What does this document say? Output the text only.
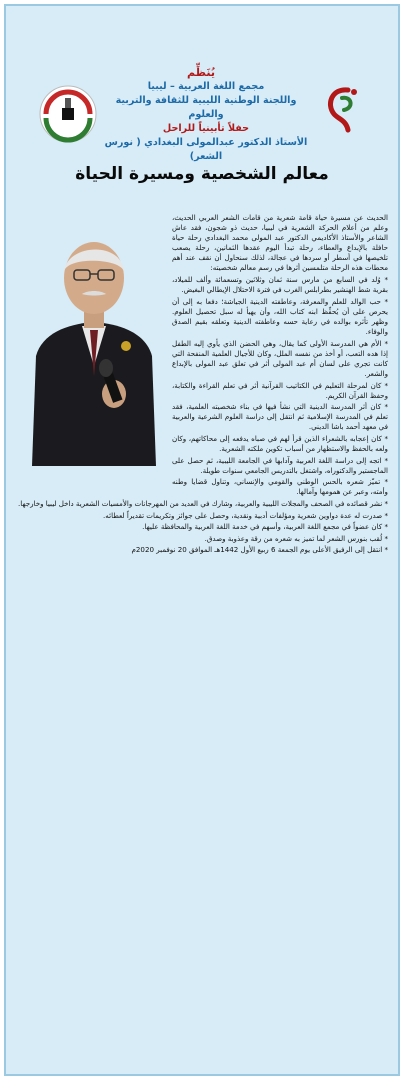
يُنَظِّم
مجمع اللغة العربية – ليبيا
واللجنة الوطنية الليبية للثقافة والتربية والعلوم
حفلاً تأبينياً للراحل
الأستاذ الدكتور عبدالمولى البغدادي ( نورس الشعر)
معالم الشخصية ومسيرة الحياة

الحديث عن مسيرة حياة قامة شعرية من قامات الشعر العربي الحديث، وعلم من أعلام الحركة الشعرية في ليبيا، حديث ذو شجون، فقد عاش الشاعر والأستاذ الأكاديمي الدكتور عبد المولى محمد البغدادي رحلة حياة حافلة بالإبداع والعطاء، رحلة تبدأ اليوم عقدها الثمانين، رحلة يصعب تلخيصها في أسطر أو سردها في عجالة، لذلك سنحاول أن نقف عند أهم محطات هذه الرحلة متلمسين أثرها في رسم معالم شخصيته:

* وُلد في السابع من مارس سنة ثمان وثلاثين وتسعمائة وألف للميلاد، بقرية شط الهنشير بطرابلس الغرب في فترة الاحتلال الإيطالي البغيض.

* حب الوالد للعلم والمعرفة، وعاطفته الدينية الجياشة؛ دفعا به إلى أن يحرص على أن يُحفِّظ ابنه كتاب الله، وأن يهيأ له سبل تحصيل العلوم. وظهر تأثره بوالده في رعاية حسه وعاطفته الدينية وتعلقه بقيم الصدق والوفاء.

* الأم هي المدرسة الأولى كما يقال، وهي الحضن الذي يأوي إليه الطفل إذا هده التعب، أو أخذ من نفسه الملل، وكان للأجيال العلمية المنفحة التي كانت تجري على لسان أم عبد المولى أثر في تعلق عبد المولى بالإبداع والشعر.

* كان لمرحلة التعليم في الكتاتيب القرآنية أثر في تعلم القراءة والكتابة، وحفظ القرآن الكريم.

* كان أثر المدرسة الدينية التي نشأ فيها في بناء شخصيته العلمية، فقد تعلم في المدرسة الإسلامية ثم انتقل إلى دراسة العلوم الشرعية والعربية في معهد أحمد باشا الديني.

* كان إعجابه بالشعراء الذين قرأ لهم في صباه يدفعه إلى محاكاتهم، وكان ولعه بالحفظ والاستظهار من أسباب تكوين ملكته الشعرية.

* اتجه إلى دراسة اللغة العربية وآدابها في الجامعة الليبية، ثم حصل على الماجستير والدكتوراه، واشتغل بالتدريس الجامعي سنوات طويلة.

* تميّز شعره بالحس الوطني والقومي والإنساني، وتناول قضايا وطنه وأمته، وعبر عن همومها وآمالها.

* نشر قصائده في الصحف والمجلات الليبية والعربية، وشارك في العديد من المهرجانات والأمسيات الشعرية داخل ليبيا وخارجها.

* صدرت له عدة دواوين شعرية ومؤلفات أدبية ونقدية، وحصل على جوائز وتكريمات تقديراً لعطائه.

* كان عضواً في مجمع اللغة العربية، وأسهم في خدمة اللغة العربية والمحافظة عليها.

* لُقب بنورس الشعر لما تميز به شعره من رقة وعذوبة وصدق.

* انتقل إلى الرفيق الأعلى يوم الجمعة 6 ربيع الأول 1442هـ الموافق 20 نوفمبر 2020م
